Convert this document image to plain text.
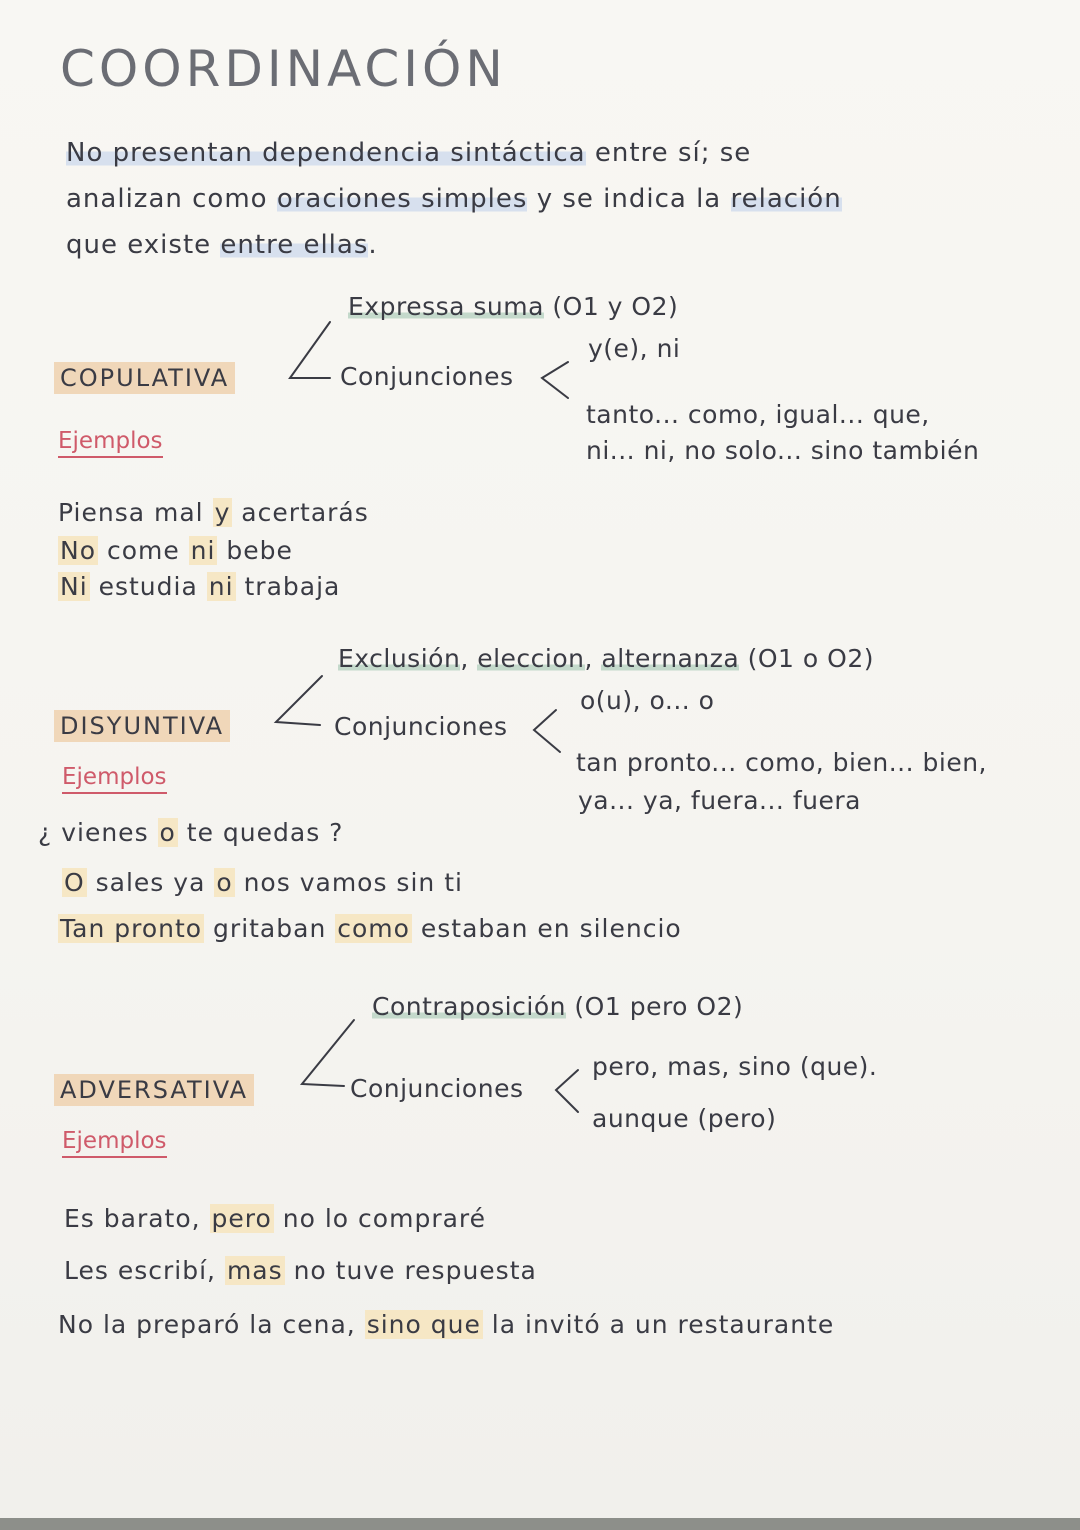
COORDINACIÓN
No presentan dependencia sintáctica entre sí; se
analizan como oraciones simples y se indica la relación
que existe entre ellas.
Expressa suma (O1 y O2)
COPULATIVA	Conjunciones
y(e), ni
tanto... como, igual... que,
ni... ni, no solo... sino también
Ejemplos
Piensa mal y acertarás
No come ni bebe
Ni estudia ni trabaja
Exclusión, eleccion, alternanza (O1 o O2)
DISYUNTIVA	Conjunciones
o(u), o... o
tan pronto... como, bien... bien,
ya... ya, fuera... fuera
Ejemplos
¿ vienes o te quedas ?
O sales ya o nos vamos sin ti
Tan pronto gritaban como estaban en silencio
Contraposición (O1 pero O2)
ADVERSATIVA	Conjunciones
pero, mas, sino (que).
aunque (pero)
Ejemplos
Es barato, pero no lo compraré
Les escribí, mas no tuve respuesta
No la preparó la cena, sino que la invitó a un restaurante
